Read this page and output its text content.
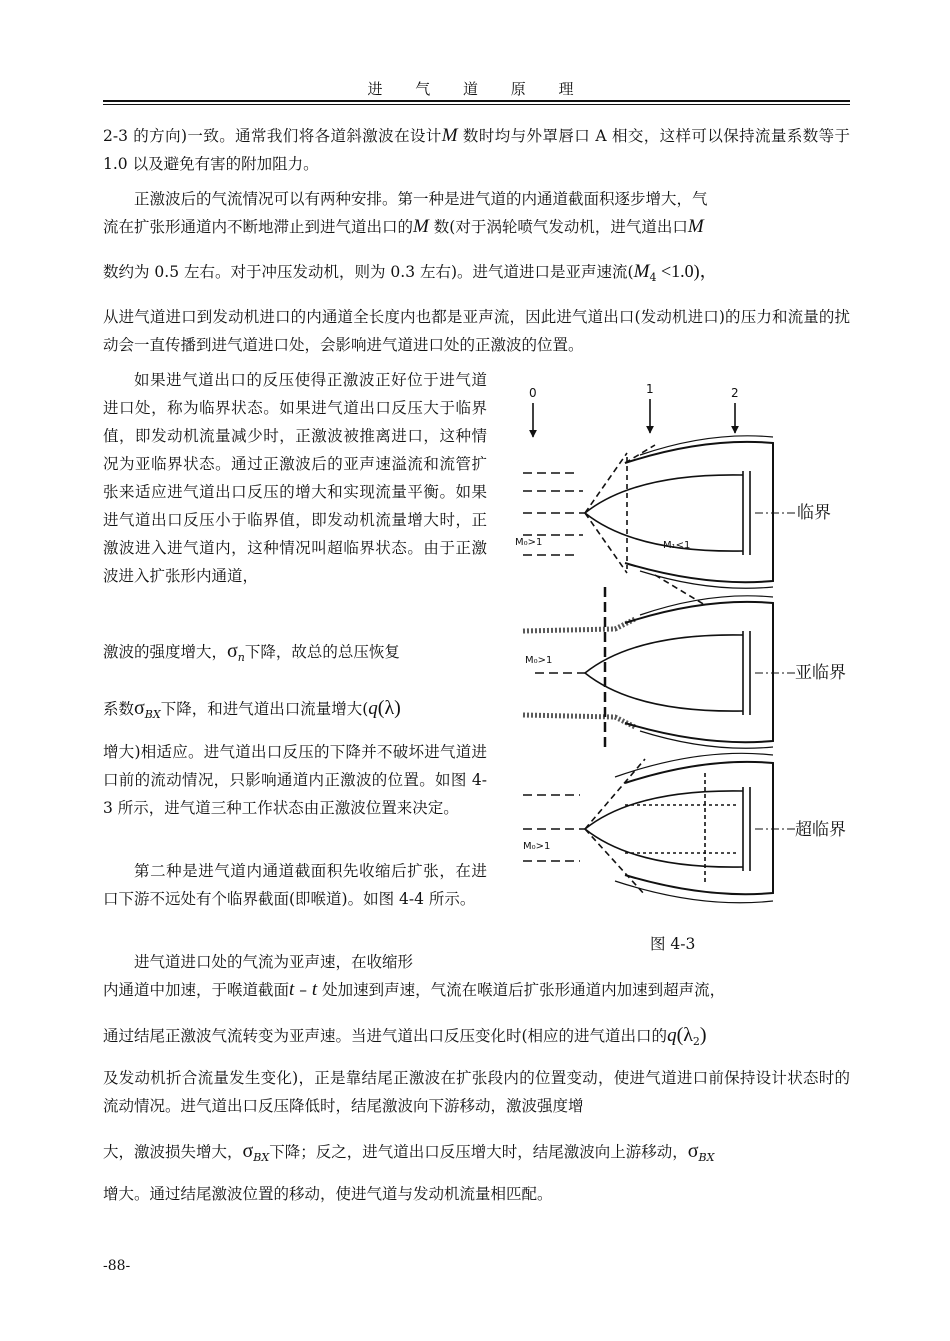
进 气 道 原 理

2-3 的方向)一致。通常我们将各道斜激波在设计M 数时均与外罩唇口 A 相交，这样可以保持流量系数等于 1.0 以及避免有害的附加阻力。

正激波后的气流情况可以有两种安排。第一种是进气道的内通道截面积逐步增大，气

流在扩张形通道内不断地滞止到进气道出口的M 数(对于涡轮喷气发动机，进气道出口M

数约为 0.5 左右。对于冲压发动机，则为 0.3 左右)。进气道进口是亚声速流$(M_4 <1.0)$，

从进气道进口到发动机进口的内通道全长度内也都是亚声流，因此进气道出口(发动机进口)的压力和流量的扰动会一直传播到进气道进口处，会影响进气道进口处的正激波的位置。

如果进气道出口的反压使得正激波正好位于进气道进口处，称为临界状态。如果进气道出口反压大于临界值，即发动机流量减少时，正激波被推离进口，这种情况为亚临界状态。通过正激波后的亚声速溢流和流管扩张来适应进气道出口反压的增大和实现流量平衡。如果进气道出口反压小于临界值，即发动机流量增大时，正激波进入进气道内，这种情况叫超临界状态。由于正激波进入扩张形内通道，

激波的强度增大，$\sigma_n$下降，故总的总压恢复

系数$\sigma_{BX}$下降，和进气道出口流量增大(q(λ)

增大)相适应。进气道出口反压的下降并不破坏进气道进口前的流动情况，只影响通道内正激波的位置。如图 4-3 所示，进气道三种工作状态由正激波位置来决定。

第二种是进气道内通道截面积先收缩后扩张，在进口下游不远处有个临界截面(即喉道)。如图 4-4 所示。

进气道进口处的气流为亚声速，在收缩形

内通道中加速，于喉道截面t – t 处加速到声速，气流在喉道后扩张形通道内加速到超声流，

通过结尾正激波气流转变为亚声速。当进气道出口反压变化时(相应的进气道出口的$q(\lambda_2)$

及发动机折合流量发生变化)，正是靠结尾正激波在扩张段内的位置变动，使进气道进口前保持设计状态时的流动情况。进气道出口反压降低时，结尾激波向下游移动，激波强度增

大，激波损失增大，$\sigma_{BX}$下降；反之，进气道出口反压增大时，结尾激波向上游移动，$\sigma_{BX}$

增大。通过结尾激波位置的移动，使进气道与发动机流量相匹配。

0	1	2
M₀>1	M₁<1
临界
M₀>1
亚临界
M₀>1
超临界
图 4-3
-88-
